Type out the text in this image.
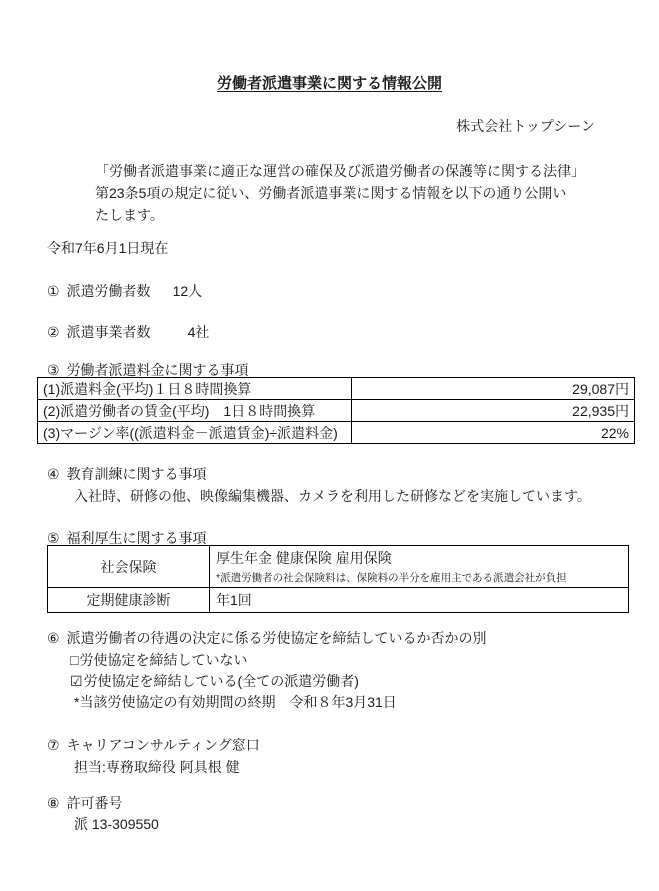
労働者派遣事業に関する情報公開
株式会社トップシーン
「労働者派遣事業に適正な運営の確保及び派遣労働者の保護等に関する法律」
第23条5項の規定に従い、労働者派遣事業に関する情報を以下の通り公開い
たします。
令和7年6月1日現在
① 派遣労働者数 12人
② 派遣事業者数	4社
③ 労働者派遣料金に関する事項
(1)派遣料金(平均)１日８時間換算	29,087円
(2)派遣労働者の賃金(平均)　1日８時間換算	22,935円
(3)マージン率((派遣料金－派遣賃金)÷派遣料金)	22%
④ 教育訓練に関する事項
入社時、研修の他、映像編集機器、カメラを利用した研修などを実施しています。
⑤ 福利厚生に関する事項
社会保険	厚生年金 健康保険 雇用保険
*派遣労働者の社会保険料は、保険料の半分を雇用主である派遣会社が負担

定期健康診断	年1回
⑥ 派遣労働者の待遇の決定に係る労使協定を締結しているか否かの別
□労使協定を締結していない
☑労使協定を締結している(全ての派遣労働者)
*当該労使協定の有効期間の終期　令和８年3月31日
⑦ キャリアコンサルティング窓口
担当:専務取締役 阿具根 健
⑧ 許可番号
派 13-309550
